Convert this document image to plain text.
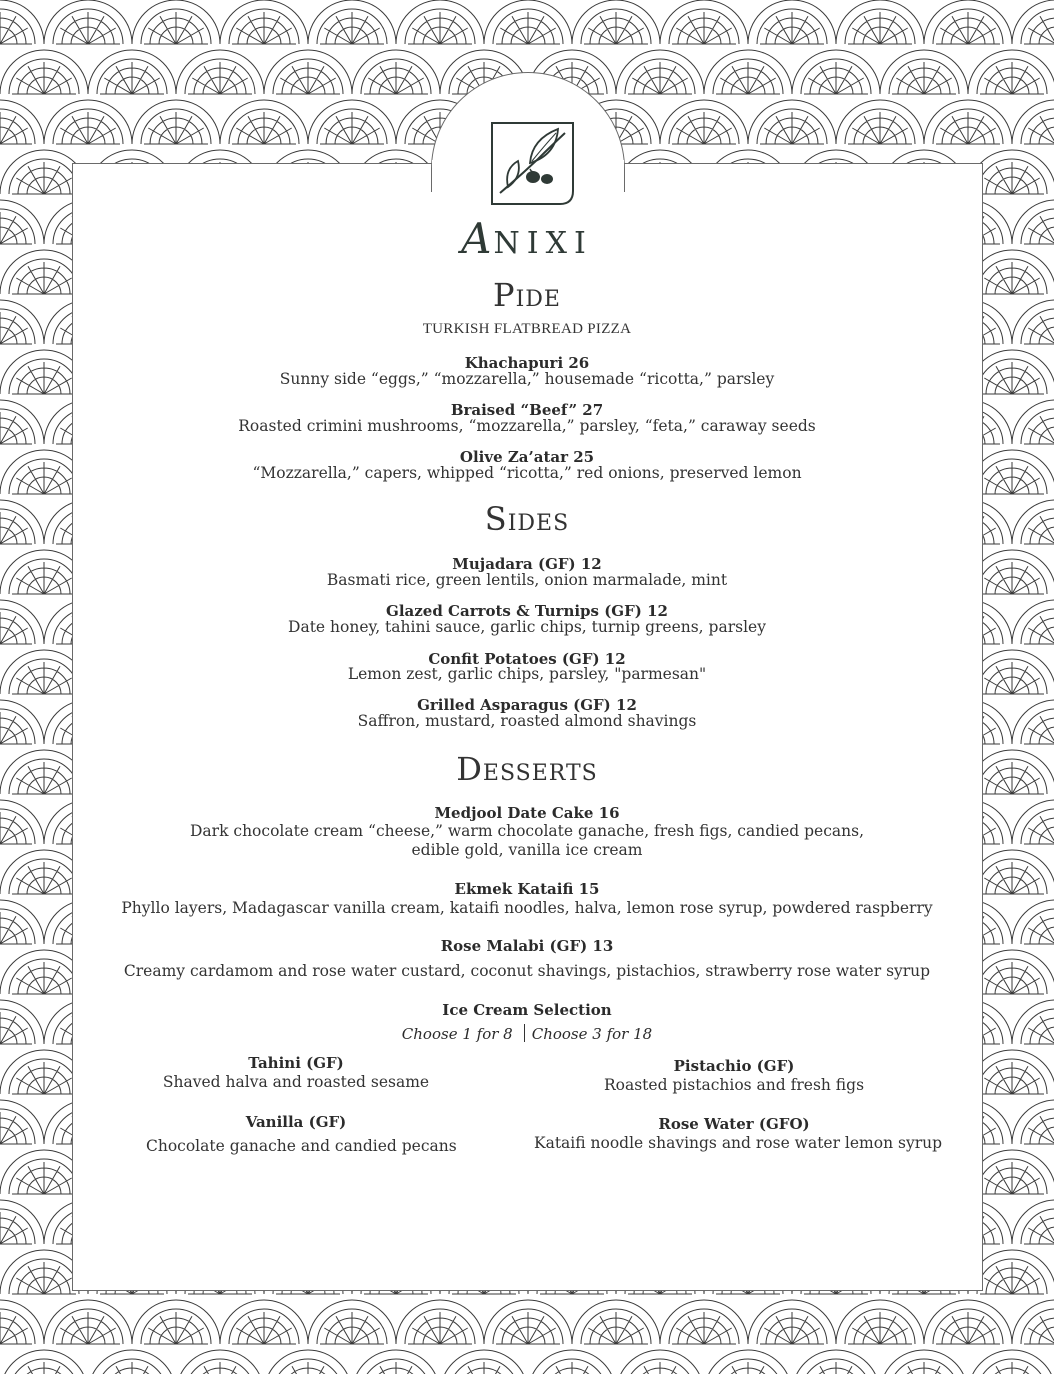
ANIXI
PIDE
TURKISH FLATBREAD PIZZA
Khachapuri 26
Sunny side “eggs,” “mozzarella,” housemade “ricotta,” parsley
Braised “Beef” 27
Roasted crimini mushrooms, “mozzarella,” parsley, “feta,” caraway seeds
Olive Za’atar 25
“Mozzarella,” capers, whipped “ricotta,” red onions, preserved lemon
SIDES
Mujadara (GF) 12
Basmati rice, green lentils, onion marmalade, mint
Glazed Carrots & Turnips (GF) 12
Date honey, tahini sauce, garlic chips, turnip greens, parsley
Confit Potatoes (GF) 12
Lemon zest, garlic chips, parsley, "parmesan"
Grilled Asparagus (GF) 12
Saffron, mustard, roasted almond shavings
DESSERTS
Medjool Date Cake 16
Dark chocolate cream “cheese,” warm chocolate ganache, fresh figs, candied pecans,
edible gold, vanilla ice cream
Ekmek Kataifi 15
Phyllo layers, Madagascar vanilla cream, kataifi noodles, halva, lemon rose syrup, powdered raspberry
Rose Malabi (GF) 13
Creamy cardamom and rose water custard, coconut shavings, pistachios, strawberry rose water syrup
Ice Cream Selection
Choose 1 for 8 Choose 3 for 18
Tahini (GF)
Shaved halva and roasted sesame
Pistachio (GF)
Roasted pistachios and fresh figs
Vanilla (GF)
Chocolate ganache and candied pecans
Rose Water (GFO)
Kataifi noodle shavings and rose water lemon syrup
